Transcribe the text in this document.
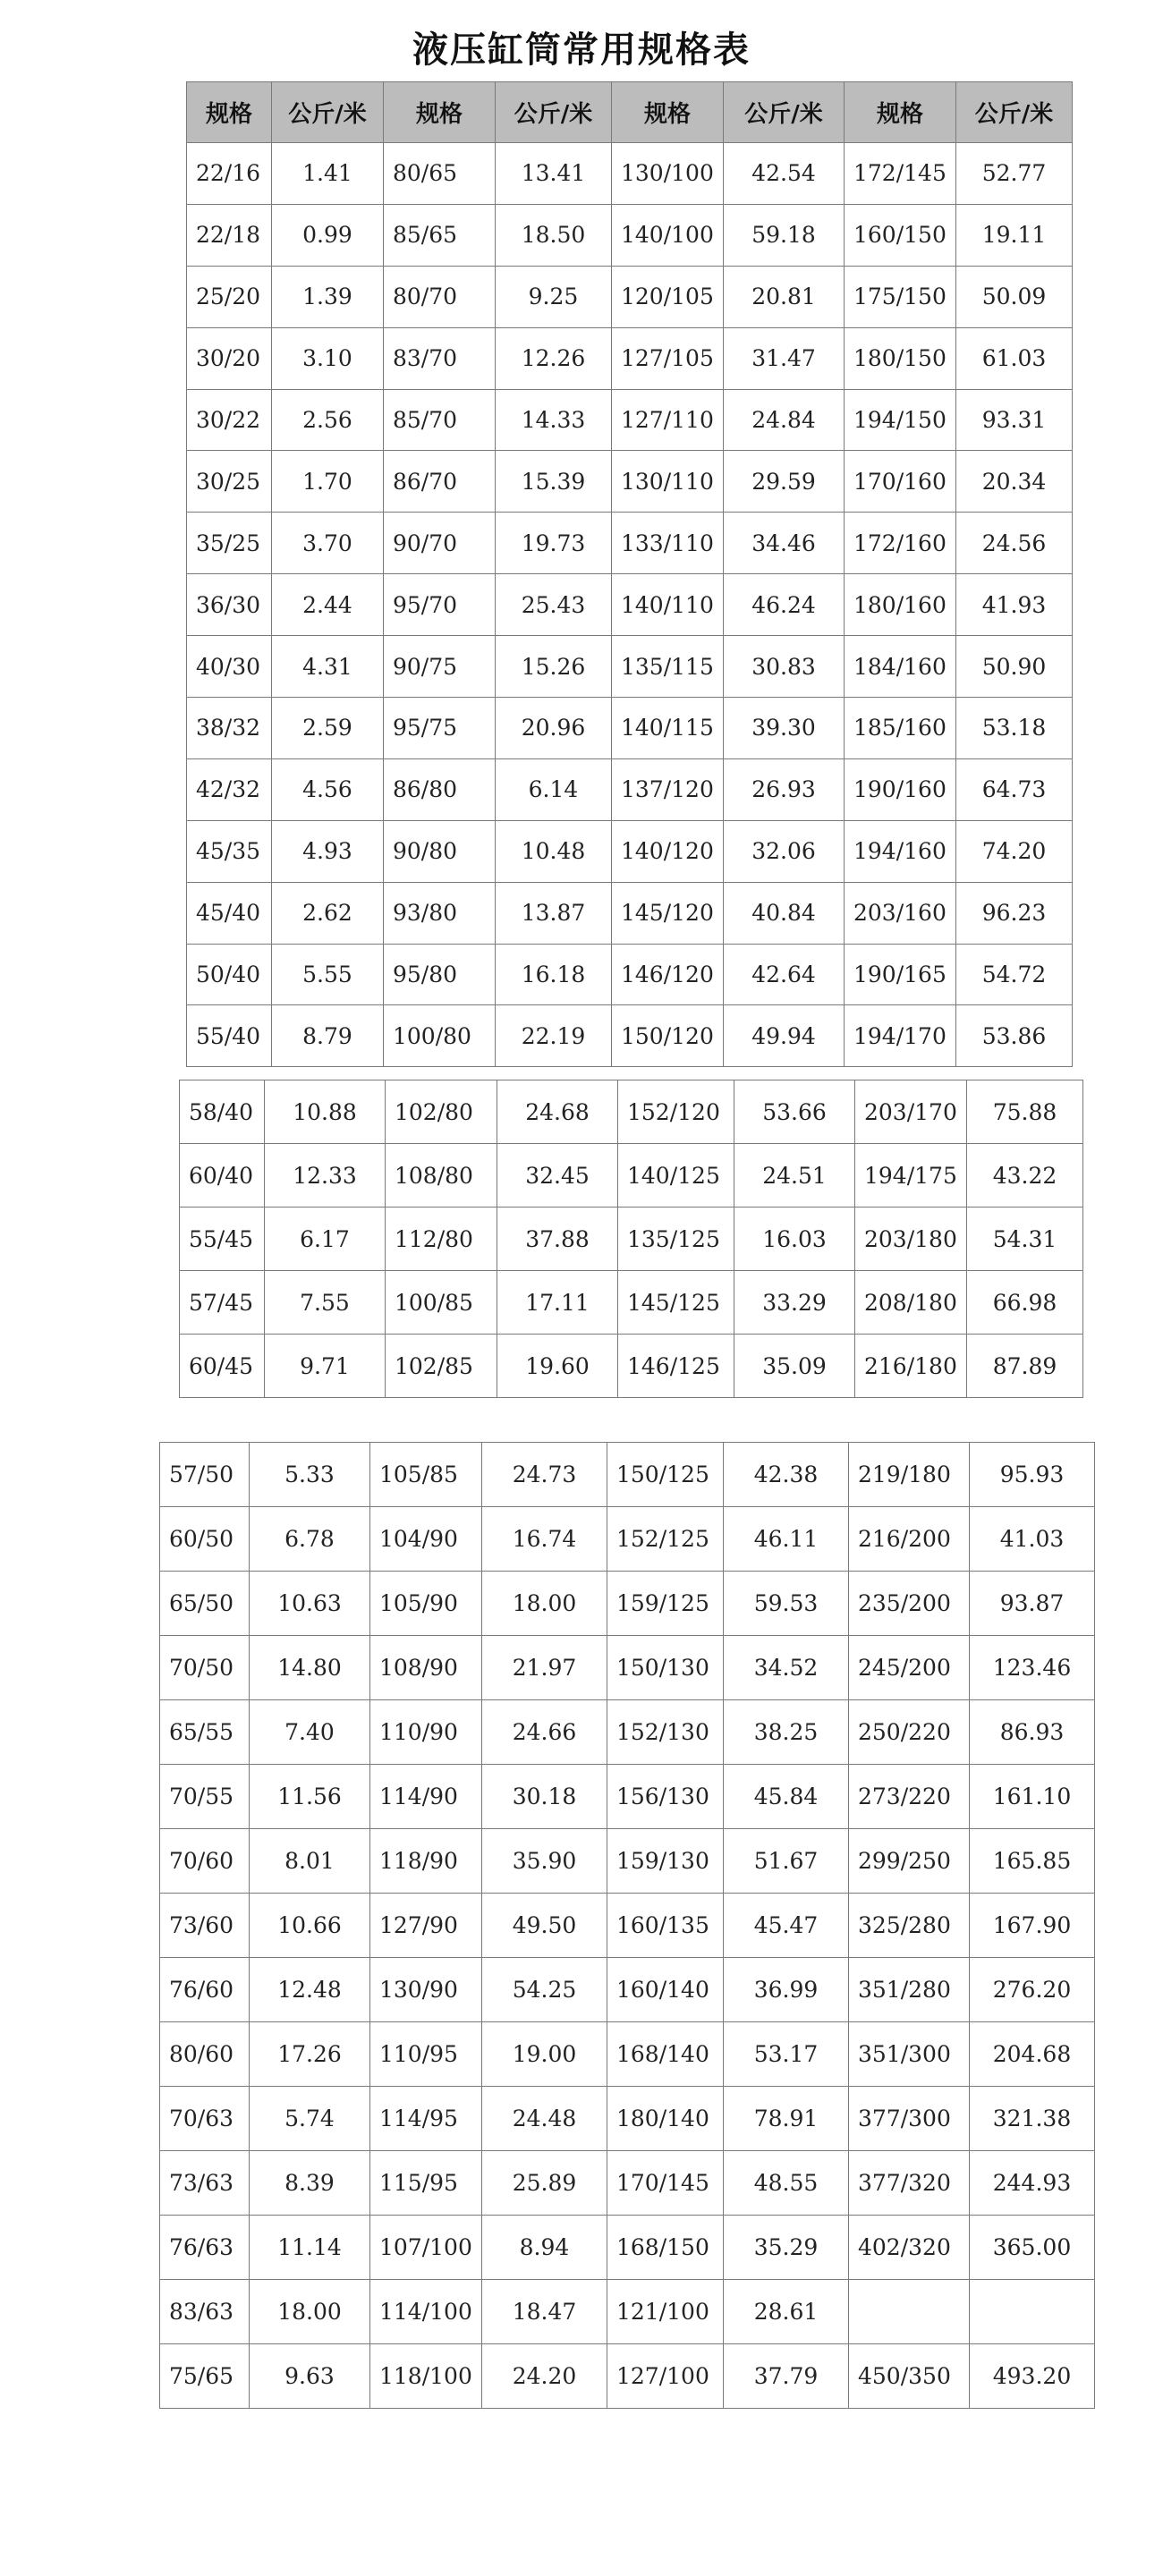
液压缸筒常用规格表
规格	公斤/米	规格	公斤/米	规格	公斤/米	规格	公斤/米
22/16	1.41	80/65	13.41	130/100	42.54	172/145	52.77
22/18	0.99	85/65	18.50	140/100	59.18	160/150	19.11
25/20	1.39	80/70	9.25	120/105	20.81	175/150	50.09
30/20	3.10	83/70	12.26	127/105	31.47	180/150	61.03
30/22	2.56	85/70	14.33	127/110	24.84	194/150	93.31
30/25	1.70	86/70	15.39	130/110	29.59	170/160	20.34
35/25	3.70	90/70	19.73	133/110	34.46	172/160	24.56
36/30	2.44	95/70	25.43	140/110	46.24	180/160	41.93
40/30	4.31	90/75	15.26	135/115	30.83	184/160	50.90
38/32	2.59	95/75	20.96	140/115	39.30	185/160	53.18
42/32	4.56	86/80	6.14	137/120	26.93	190/160	64.73
45/35	4.93	90/80	10.48	140/120	32.06	194/160	74.20
45/40	2.62	93/80	13.87	145/120	40.84	203/160	96.23
50/40	5.55	95/80	16.18	146/120	42.64	190/165	54.72
55/40	8.79	100/80	22.19	150/120	49.94	194/170	53.86
58/40	10.88	102/80	24.68	152/120	53.66	203/170	75.88
60/40	12.33	108/80	32.45	140/125	24.51	194/175	43.22
55/45	6.17	112/80	37.88	135/125	16.03	203/180	54.31
57/45	7.55	100/85	17.11	145/125	33.29	208/180	66.98
60/45	9.71	102/85	19.60	146/125	35.09	216/180	87.89
57/50	5.33	105/85	24.73	150/125	42.38	219/180	95.93
60/50	6.78	104/90	16.74	152/125	46.11	216/200	41.03
65/50	10.63	105/90	18.00	159/125	59.53	235/200	93.87
70/50	14.80	108/90	21.97	150/130	34.52	245/200	123.46
65/55	7.40	110/90	24.66	152/130	38.25	250/220	86.93
70/55	11.56	114/90	30.18	156/130	45.84	273/220	161.10
70/60	8.01	118/90	35.90	159/130	51.67	299/250	165.85
73/60	10.66	127/90	49.50	160/135	45.47	325/280	167.90
76/60	12.48	130/90	54.25	160/140	36.99	351/280	276.20
80/60	17.26	110/95	19.00	168/140	53.17	351/300	204.68
70/63	5.74	114/95	24.48	180/140	78.91	377/300	321.38
73/63	8.39	115/95	25.89	170/145	48.55	377/320	244.93
76/63	11.14	107/100	8.94	168/150	35.29	402/320	365.00
83/63	18.00	114/100	18.47	121/100	28.61		
75/65	9.63	118/100	24.20	127/100	37.79	450/350	493.20
